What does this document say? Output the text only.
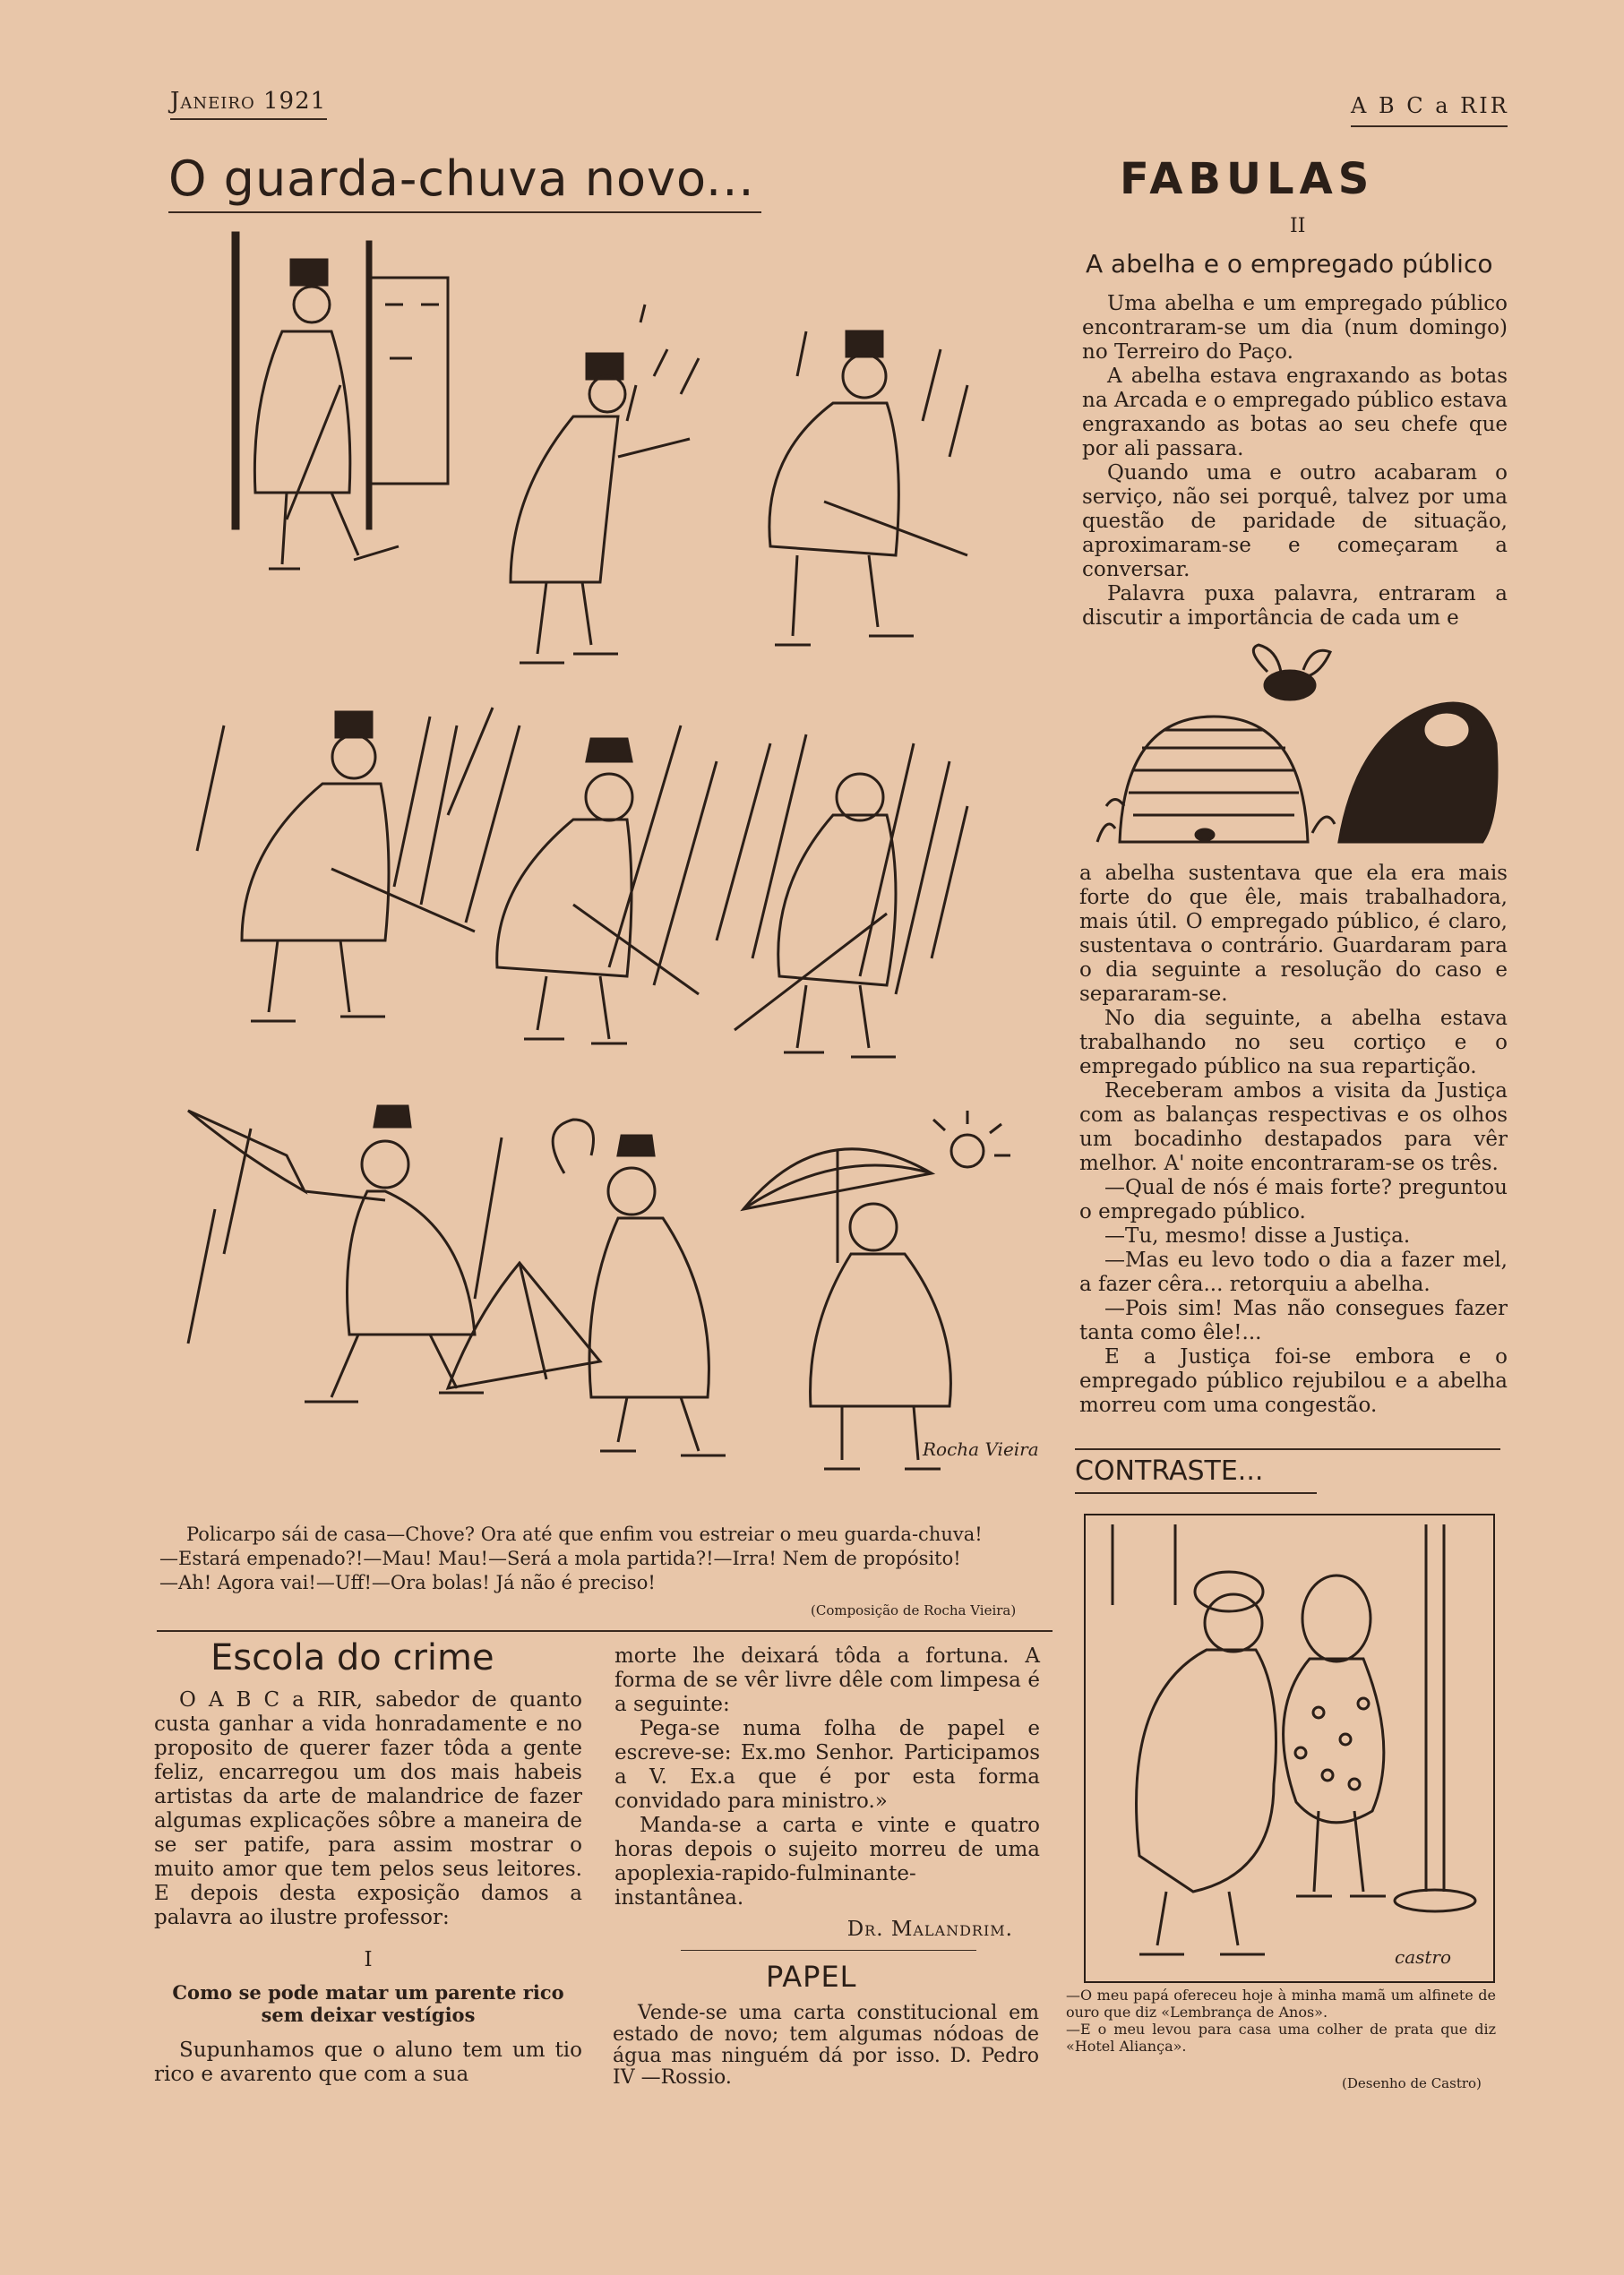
Janeiro 1921	A B C a RIR
O guarda-chuva novo...
Rocha Vieira
Policarpo sái de casa—Chove? Ora até que enfim vou estreiar o meu guarda-chuva!
—Estará empenado?!—Mau! Mau!—Será a mola partida?!—Irra! Nem de propósito!
—Ah! Agora vai!—Uff!—Ora bolas! Já não é preciso!
(Composição de Rocha Vieira)
FABULAS
II
A abelha e o empregado público

Uma abelha e um empregado público encontraram-se um dia (num domingo) no Terreiro do Paço.

A abelha estava engraxando as botas na Arcada e o empregado público estava engraxando as botas ao seu chefe que por ali passara.

Quando uma e outro acabaram o serviço, não sei porquê, talvez por uma questão de paridade de situação, aproximaram-se e começaram a conversar.

Palavra puxa palavra, entraram a discutir a importância de cada um e

a abelha sustentava que ela era mais forte do que êle, mais trabalhadora, mais útil. O empregado público, é claro, sustentava o contrário. Guardaram para o dia seguinte a resolução do caso e separaram-se.

No dia seguinte, a abelha estava trabalhando no seu cortiço e o empregado público na sua repartição.

Receberam ambos a visita da Justiça com as balanças respectivas e os olhos um bocadinho destapados para vêr melhor. A' noite encontraram-se os três.

—Qual de nós é mais forte? preguntou o empregado público.

—Tu, mesmo! disse a Justiça.

—Mas eu levo todo o dia a fazer mel, a fazer cêra... retorquiu a abelha.

—Pois sim! Mas não consegues fazer tanta como êle!...

E a Justiça foi-se embora e o empregado público rejubilou e a abelha morreu com uma congestão.

CONTRASTE...
castro
—O meu papá ofereceu hoje à minha mamã um alfinete de ouro que diz «Lembrança de Anos».
—E o meu levou para casa uma colher de prata que diz «Hotel Aliança».
(Desenho de Castro)
Escola do crime

O A B C a RIR, sabedor de quanto custa ganhar a vida honradamente e no proposito de querer fazer tôda a gente feliz, encarregou um dos mais habeis artistas da arte de malandrice de fazer algumas explicações sôbre a maneira de se ser patife, para assim mostrar o muito amor que tem pelos seus leitores. E depois desta exposição damos a palavra ao ilustre professor:

I
Como se pode matar um parente rico sem deixar vestígios

Supunhamos que o aluno tem um tio rico e avarento que com a sua

morte lhe deixará tôda a fortuna. A forma de se vêr livre dêle com limpesa é a seguinte:

Pega-se numa folha de papel e escreve-se: Ex.mo Senhor. Participamos a V. Ex.a que é por esta forma convidado para ministro.»

Manda-se a carta e vinte e quatro horas depois o sujeito morreu de uma apoplexia-rapido-fulminante-instantânea.

Dr. Malandrim.
PAPEL

Vende-se uma carta constitucional em estado de novo; tem algumas nódoas de água mas ninguém dá por isso. D. Pedro IV —Rossio.
